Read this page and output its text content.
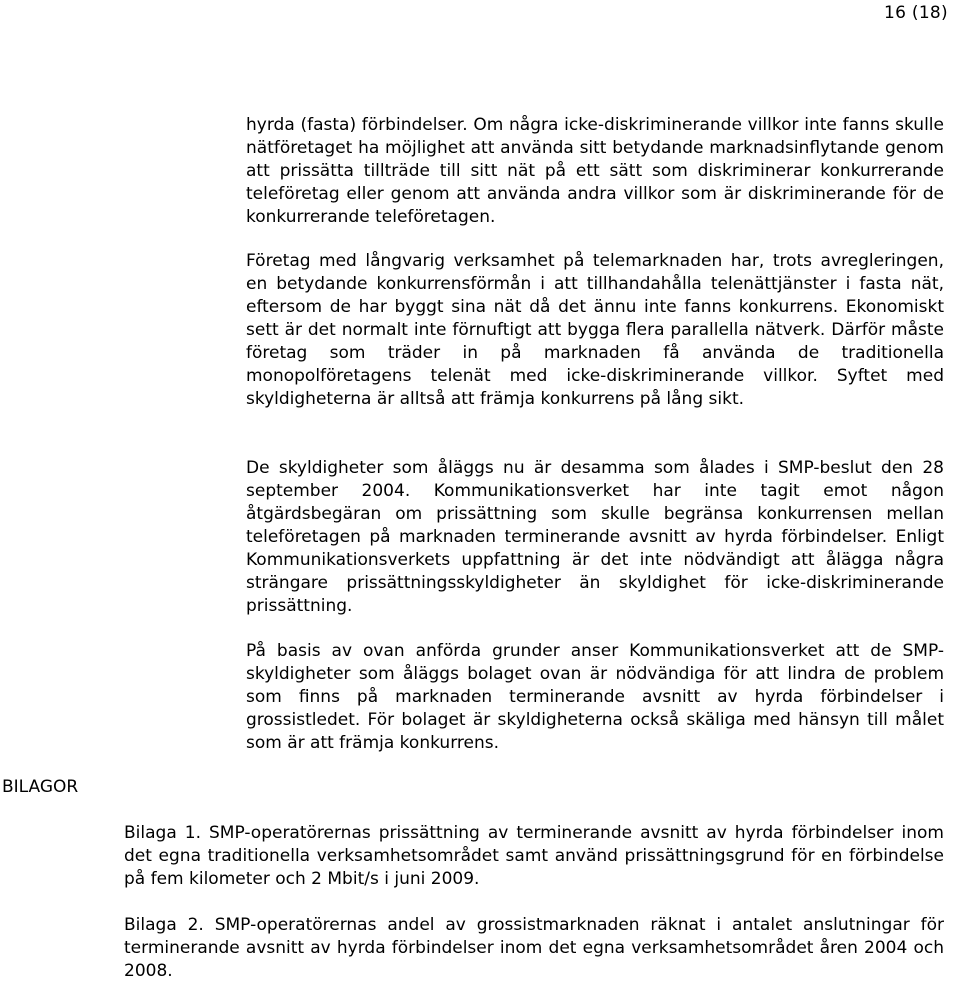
16 (18)

hyrda (fasta) förbindelser. Om några icke-diskriminerande villkor inte fanns skulle nätföretaget ha möjlighet att använda sitt betydande marknadsinflytande genom att prissätta tillträde till sitt nät på ett sätt som diskriminerar konkurrerande teleföretag eller genom att använda andra villkor som är diskriminerande för de konkurrerande teleföretagen.

Företag med långvarig verksamhet på telemarknaden har, trots avregleringen, en betydande konkurrensförmån i att tillhandahålla telenättjänster i fasta nät, eftersom de har byggt sina nät då det ännu inte fanns konkurrens. Ekonomiskt sett är det normalt inte förnuftigt att bygga flera parallella nätverk. Därför måste företag som träder in på marknaden få använda de traditionella monopolföretagens telenät med icke-diskriminerande villkor. Syftet med skyldigheterna är alltså att främja konkurrens på lång sikt.

De skyldigheter som åläggs nu är desamma som ålades i SMP-beslut den 28 september 2004. Kommunikationsverket har inte tagit emot någon åtgärdsbegäran om prissättning som skulle begränsa konkurrensen mellan teleföretagen på marknaden terminerande avsnitt av hyrda förbindelser. Enligt Kommunikationsverkets uppfattning är det inte nödvändigt att ålägga några strängare prissättningsskyldigheter än skyldighet för icke-diskriminerande prissättning.

På basis av ovan anförda grunder anser Kommunikationsverket att de SMP-skyldigheter som åläggs bolaget ovan är nödvändiga för att lindra de problem som finns på marknaden terminerande avsnitt av hyrda förbindelser i grossistledet. För bolaget är skyldigheterna också skäliga med hänsyn till målet som är att främja konkurrens.

BILAGOR

Bilaga 1. SMP-operatörernas prissättning av terminerande avsnitt av hyrda förbindelser inom det egna traditionella verksamhetsområdet samt använd prissättningsgrund för en förbindelse på fem kilometer och 2 Mbit/s i juni 2009.

Bilaga 2. SMP-operatörernas andel av grossistmarknaden räknat i antalet anslutningar för terminerande avsnitt av hyrda förbindelser inom det egna verksamhetsområdet åren 2004 och 2008.
